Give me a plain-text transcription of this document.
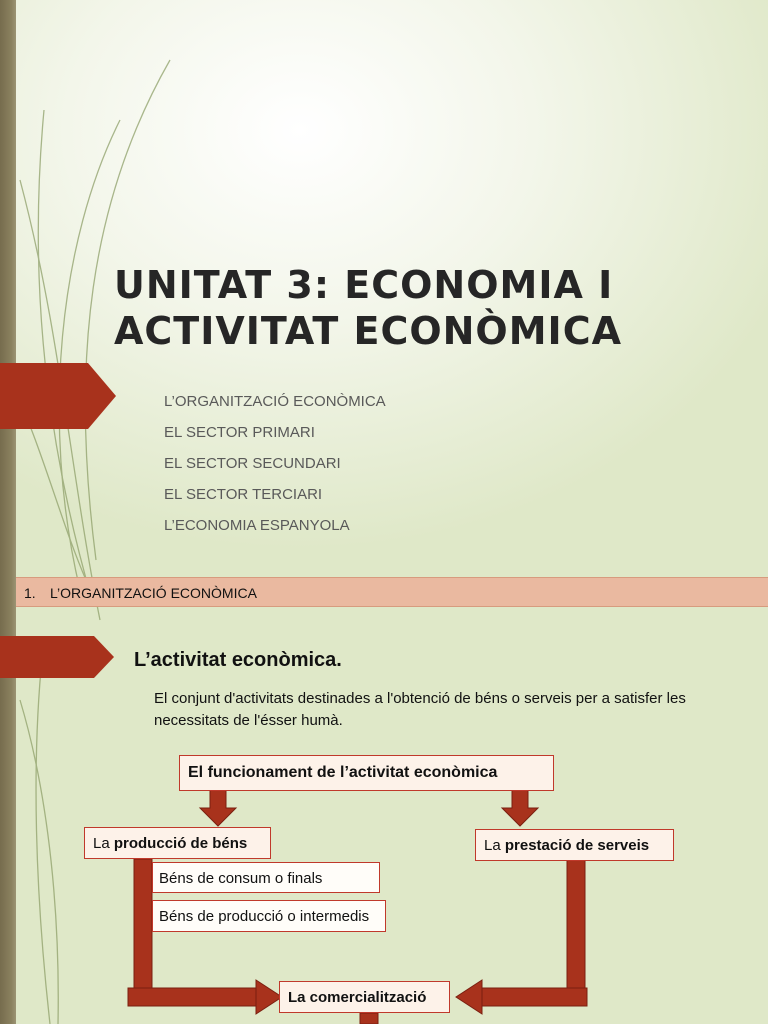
UNITAT 3: ECONOMIA I
ACTIVITAT ECONÒMICA
L’ORGANITZACIÓ ECONÒMICA
EL SECTOR PRIMARI
EL SECTOR SECUNDARI
EL SECTOR TERCIARI
L’ECONOMIA ESPANYOLA
1. L’ORGANITZACIÓ ECONÒMICA
L’activitat econòmica.
El conjunt d'activitats destinades a l'obtenció de béns o serveis per a satisfer les necessitats de l'ésser humà.
El funcionament de l’activitat econòmica
La producció de béns	La prestació de serveis
Béns de consum o finals
Béns de producció o intermedis
La comercialització
